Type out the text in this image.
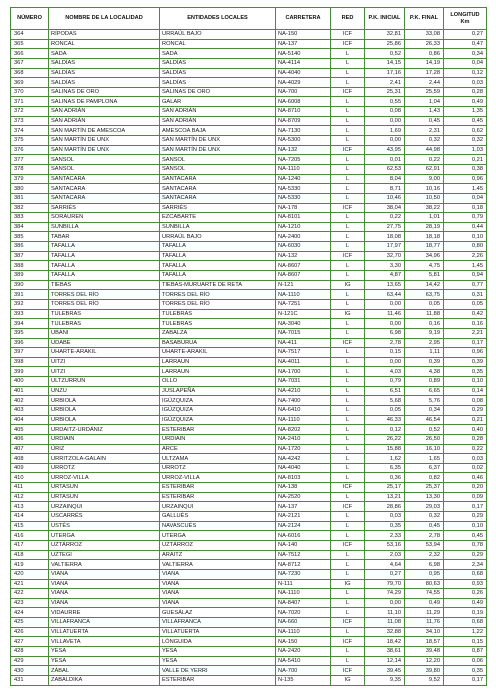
NÚMERO	NOMBRE DE LA LOCALIDAD	ENTIDADES LOCALES	CARRETERA	RED	P.K. INICIAL	P.K. FINAL	LONGITUD Km
364	RÍPODAS	URRAÚL BAJO	NA-150	ICF	32,81	33,08	0,27
365	RONCAL	RONCAL	NA-137	ICF	25,86	26,33	0,47
366	SADA	SADA	NA-5140	L	0,52	0,86	0,34
367	SALDÍAS	SALDÍAS	NA-4114	L	14,15	14,19	0,04
368	SALDÍAS	SALDÍAS	NA-4040	L	17,16	17,28	0,12
369	SALDÍAS	SALDÍAS	NA-4029	L	2,41	2,44	0,03
370	SALINAS DE ORO	SALINAS DE ORO	NA-700	ICF	25,31	25,59	0,28
371	SALINAS DE PAMPLONA	GALAR	NA-6008	L	0,55	1,04	0,49
372	SAN ADRIÁN	SAN ADRIÁN	NA-8710	L	0,08	1,43	1,35
373	SAN ADRIÁN	SAN ADRIÁN	NA-8709	L	0,00	0,45	0,45
374	SAN MARTÍN DE AMESCOA	AMESCOA BAJA	NA-7130	L	1,69	2,31	0,62
375	SAN MARTÍN DE UNX	SAN MARTÍN DE UNX	NA-5300	L	0,00	0,32	0,32
376	SAN MARTÍN DE UNX	SAN MARTÍN DE UNX	NA-132	ICF	43,95	44,98	1,03
377	SANSOL	SANSOL	NA-7205	L	0,01	0,22	0,21
378	SANSOL	SANSOL	NA-1110	L	62,53	62,91	0,38
379	SANTACARA	SANTACARA	NA-1240	L	8,04	9,00	0,96
380	SANTACARA	SANTACARA	NA-5330	L	8,71	10,16	1,45
381	SANTACARA	SANTACARA	NA-5330	L	10,46	10,50	0,04
382	SARRIÉS	SARRIÉS	NA-178	ICF	38,04	38,22	0,18
383	SORAUREN	EZCABARTE	NA-8101	L	0,22	1,01	0,79
384	SUNBILLA	SUNBILLA	NA-1210	L	27,75	28,19	0,44
385	TABAR	URRAÚL BAJO	NA-2400	L	18,08	18,18	0,10
386	TAFALLA	TAFALLA	NA-6030	L	17,97	18,77	0,80
387	TAFALLA	TAFALLA	NA-132	ICF	32,70	34,96	2,26
388	TAFALLA	TAFALLA	NA-8607	L	3,30	4,75	1,45
389	TAFALLA	TAFALLA	NA-8607	L	4,87	5,81	0,94
390	TIEBAS	TIEBAS-MURUARTE DE RETA	N-121	IG	13,65	14,42	0,77
391	TORRES DEL RÍO	TORRES DEL RÍO	NA-1110	L	63,44	63,75	0,31
392	TORRES DEL RÍO	TORRES DEL RÍO	NA-7251	L	0,00	0,05	0,05
393	TULEBRAS	TULEBRAS	N-121C	IG	11,46	11,88	0,42
394	TULEBRAS	TULEBRAS	NA-3040	L	0,00	0,16	0,16
395	UBANI	ZABALZA	NA-7015	L	6,98	9,19	2,21
396	UDABE	BASABURUA	NA-411	ICF	2,78	2,95	0,17
397	UHARTE-ARAKIL	UHARTE-ARAKIL	NA-7517	L	0,15	1,11	0,96
398	UITZI	LARRAUN	NA-4011	L	0,00	0,39	0,39
399	UITZI	LARRAUN	NA-1700	L	4,03	4,38	0,35
400	ULTZURRUN	OLLO	NA-7031	L	0,79	0,89	0,10
401	UNZU	JUSLAPEÑA	NA-4210	L	6,51	6,65	0,14
402	URBIOLA	IGÚZQUIZA	NA-7400	L	5,68	5,76	0,08
403	URBIOLA	IGÚZQUIZA	NA-6410	L	0,05	0,34	0,29
404	URBIOLA	IGÚZQUIZA	NA-1110	L	46,33	46,54	0,21
405	URDAITZ-URDÁNIZ	ESTERIBAR	NA-8202	L	0,12	0,52	0,40
406	URDIAIN	URDIAIN	NA-2410	L	26,22	26,50	0,28
407	ÚRIZ	ARCE	NA-1720	L	15,88	16,10	0,22
408	URRITZOLA-GALAIN	ULTZAMA	NA-4242	L	1,62	1,65	0,03
409	URROTZ	URROTZ	NA-4040	L	6,35	6,37	0,02
410	URROZ-VILLA	URROZ-VILLA	NA-8103	L	0,36	0,82	0,46
411	URTASUN	ESTERIBAR	NA-138	ICF	25,17	25,37	0,20
412	URTASUN	ESTERIBAR	NA-2520	L	13,21	13,30	0,09
413	URZAINQUI	URZAINQUI	NA-137	ICF	28,86	29,03	0,17
414	USCARRÉS	GALLUÉS	NA-2121	L	0,03	0,32	0,29
415	USTÉS	NAVASCUÉS	NA-2124	L	0,35	0,45	0,10
416	UTERGA	UTERGA	NA-6016	L	2,33	2,78	0,45
417	UZTÁRROZ	UZTÁRROZ	NA-140	ICF	53,16	53,94	0,78
418	UZTEGI	ARAITZ	NA-7512	L	2,03	2,32	0,29
419	VALTIERRA	VALTIERRA	NA-8712	L	4,64	6,98	2,34
420	VIANA	VIANA	NA-7230	L	0,27	0,95	0,68
421	VIANA	VIANA	N-111	IG	79,70	80,63	0,93
422	VIANA	VIANA	NA-1110	L	74,29	74,55	0,26
423	VIANA	VIANA	NA-8407	L	0,00	0,49	0,49
424	VIDAURRE	GUESÁLAZ	NA-7020	L	11,10	11,29	0,19
425	VILLAFRANCA	VILLAFRANCA	NA-660	ICF	11,08	11,76	0,68
426	VILLATUERTA	VILLATUERTA	NA-1110	L	32,88	34,10	1,22
427	VILLAVETA	LÓNGUIDA	NA-150	ICF	18,42	18,57	0,15
428	YESA	YESA	NA-2420	L	38,61	39,48	0,87
429	YESA	YESA	NA-5410	L	12,14	12,20	0,06
430	ZÁBAL	VALLE DE YERRI	NA-700	ICF	39,45	39,80	0,35
431	ZABALDIKA	ESTERIBAR	N-135	IG	9,35	9,52	0,17
